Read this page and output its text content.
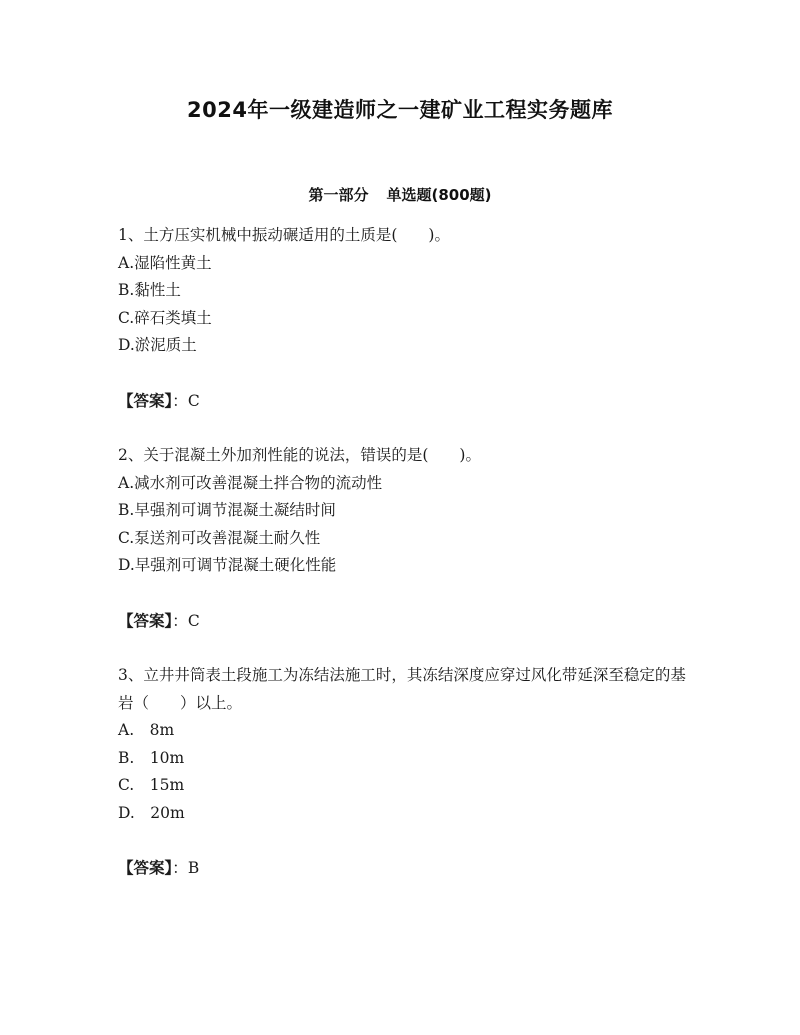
2024年一级建造师之一建矿业工程实务题库
第一部分 单选题(800题)

1、土方压实机械中振动碾适用的土质是(　　)。

A.湿陷性黄土

B.黏性土

C.碎石类填土

D.淤泥质土

【答案】：C

2、关于混凝土外加剂性能的说法，错误的是(　　)。

A.减水剂可改善混凝土拌合物的流动性

B.早强剂可调节混凝土凝结时间

C.泵送剂可改善混凝土耐久性

D.早强剂可调节混凝土硬化性能

【答案】：C

3、立井井筒表土段施工为冻结法施工时，其冻结深度应穿过风化带延深至稳定的基岩（　　）以上。

A.　8m

B.　10m

C.　15m

D.　20m

【答案】：B
